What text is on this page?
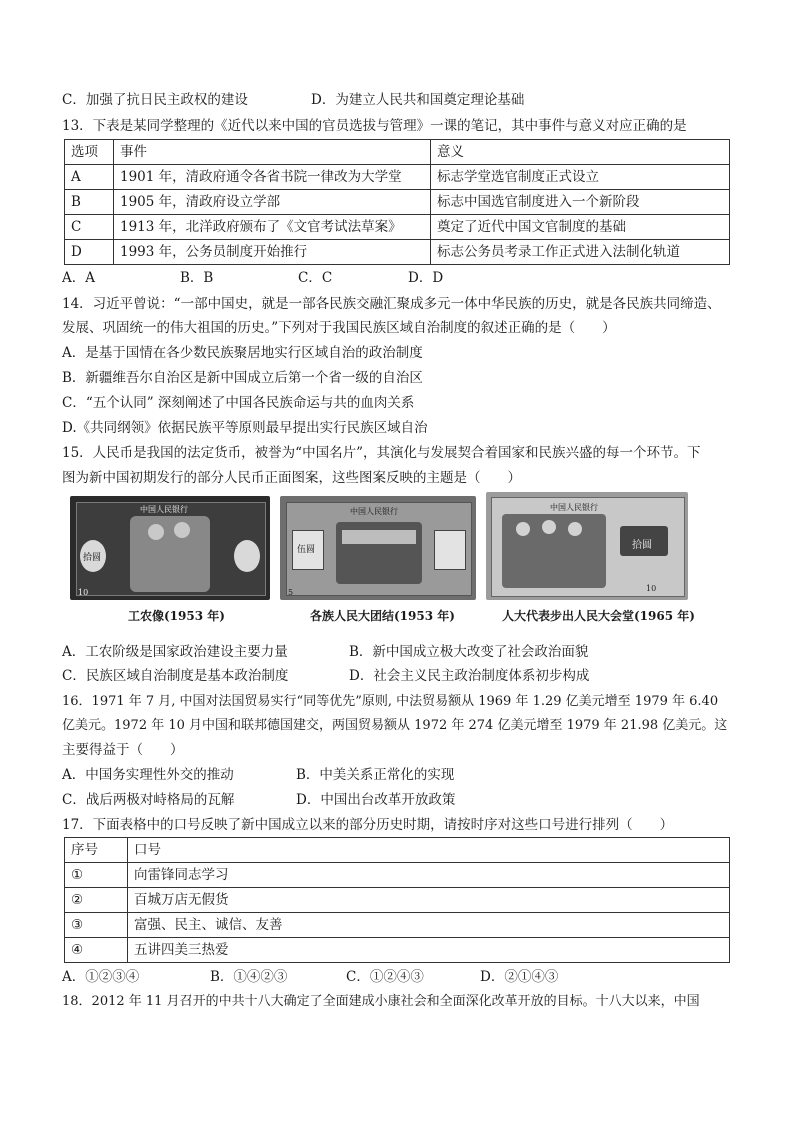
C．加强了抗日民主政权的建设	D．为建立人民共和国奠定理论基础
13．下表是某同学整理的《近代以来中国的官员选拔与管理》一课的笔记，其中事件与意义对应正确的是
选项	事件	意义
A	1901 年，清政府通令各省书院一律改为大学堂	标志学堂选官制度正式设立
B	1905 年，清政府设立学部	标志中国选官制度进入一个新阶段
C	1913 年，北洋政府颁布了《文官考试法草案》	奠定了近代中国文官制度的基础
D	1993 年，公务员制度开始推行	标志公务员考录工作正式进入法制化轨道
A．A	B．B	C．C	D．D
14．习近平曾说：“一部中国史，就是一部各民族交融汇聚成多元一体中华民族的历史，就是各民族共同缔造、
发展、巩固统一的伟大祖国的历史。”下列对于我国民族区域自治制度的叙述正确的是（　　）
A．是基于国情在各少数民族聚居地实行区域自治的政治制度
B．新疆维吾尔自治区是新中国成立后第一个省一级的自治区
C．“五个认同” 深刻阐述了中国各民族命运与共的血肉关系
D.《共同纲领》依据民族平等原则最早提出实行民族区域自治
15．人民币是我国的法定货币，被誉为“中国名片”，其演化与发展契合着国家和民族兴盛的每一个环节。下
图为新中国初期发行的部分人民币正面图案，这些图案反映的主题是（　　）
中国人民银行
拾圆
10
工农像(1953 年)
中国人民银行
伍圆
5
各族人民大团结(1953 年)
中国人民银行
拾圆
10
人大代表步出人民大会堂(1965 年)
A．工农阶级是国家政治建设主要力量	B．新中国成立极大改变了社会政治面貌
C．民族区域自治制度是基本政治制度	D．社会主义民主政治制度体系初步构成
16．1971 年 7 月, 中国对法国贸易实行“同等优先”原则, 中法贸易额从 1969 年 1.29 亿美元增至 1979 年 6.40
亿美元。1972 年 10 月中国和联邦德国建交，两国贸易额从 1972 年 274 亿美元增至 1979 年 21.98 亿美元。这
主要得益于（　　）
A．中国务实理性外交的推动	B．中美关系正常化的实现
C．战后两极对峙格局的瓦解	D．中国出台改革开放政策
17．下面表格中的口号反映了新中国成立以来的部分历史时期，请按时序对这些口号进行排列（　　）
序号	口号
①	向雷锋同志学习
②	百城万店无假货
③	富强、民主、诚信、友善
④	五讲四美三热爱
A．①②③④	B．①④②③	C．①②④③	D．②①④③
18．2012 年 11 月召开的中共十八大确定了全面建成小康社会和全面深化改革开放的目标。十八大以来，中国
